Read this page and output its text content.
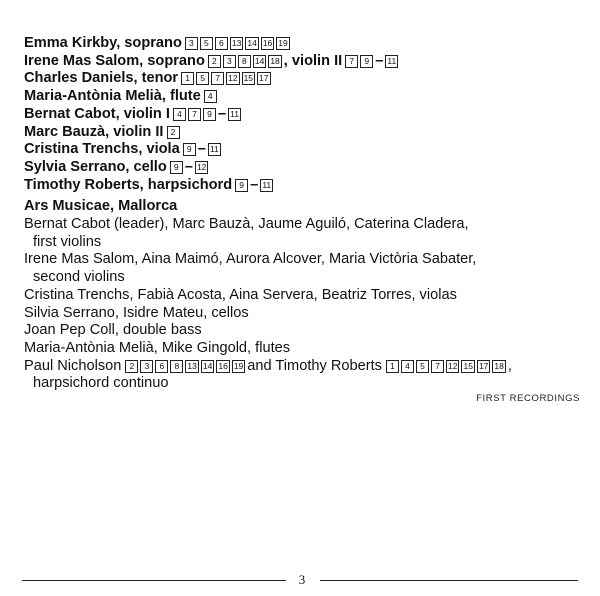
Emma Kirkby, soprano 3 5 6 13 14 16 19
Irene Mas Salom, soprano 2 3 8 14 18 , violin II 7 9 – 11
Charles Daniels, tenor 1 5 7 12 15 17
Maria-Antònia Melià, flute 4
Bernat Cabot, violin I 4 7 9 – 11
Marc Bauzà, violin II 2
Cristina Trenchs, viola 9 – 11
Sylvia Serrano, cello 9 – 12
Timothy Roberts, harpsichord 9 – 11
Ars Musicae, Mallorca
Bernat Cabot (leader), Marc Bauzà, Jaume Aguiló, Caterina Cladera,
first violins
Irene Mas Salom, Aina Maimó, Aurora Alcover, Maria Victòria Sabater,
second violins
Cristina Trenchs, Fabià Acosta, Aina Servera, Beatriz Torres, violas
Silvia Serrano, Isidre Mateu, cellos
Joan Pep Coll, double bass
Maria-Antònia Melià, Mike Gingold, flutes
Paul Nicholson 2 3 6 8 13 14 16 19 and Timothy Roberts 1 4 5 7 12 15 17 18 ,
harpsichord continuo
FIRST RECORDINGS
3
